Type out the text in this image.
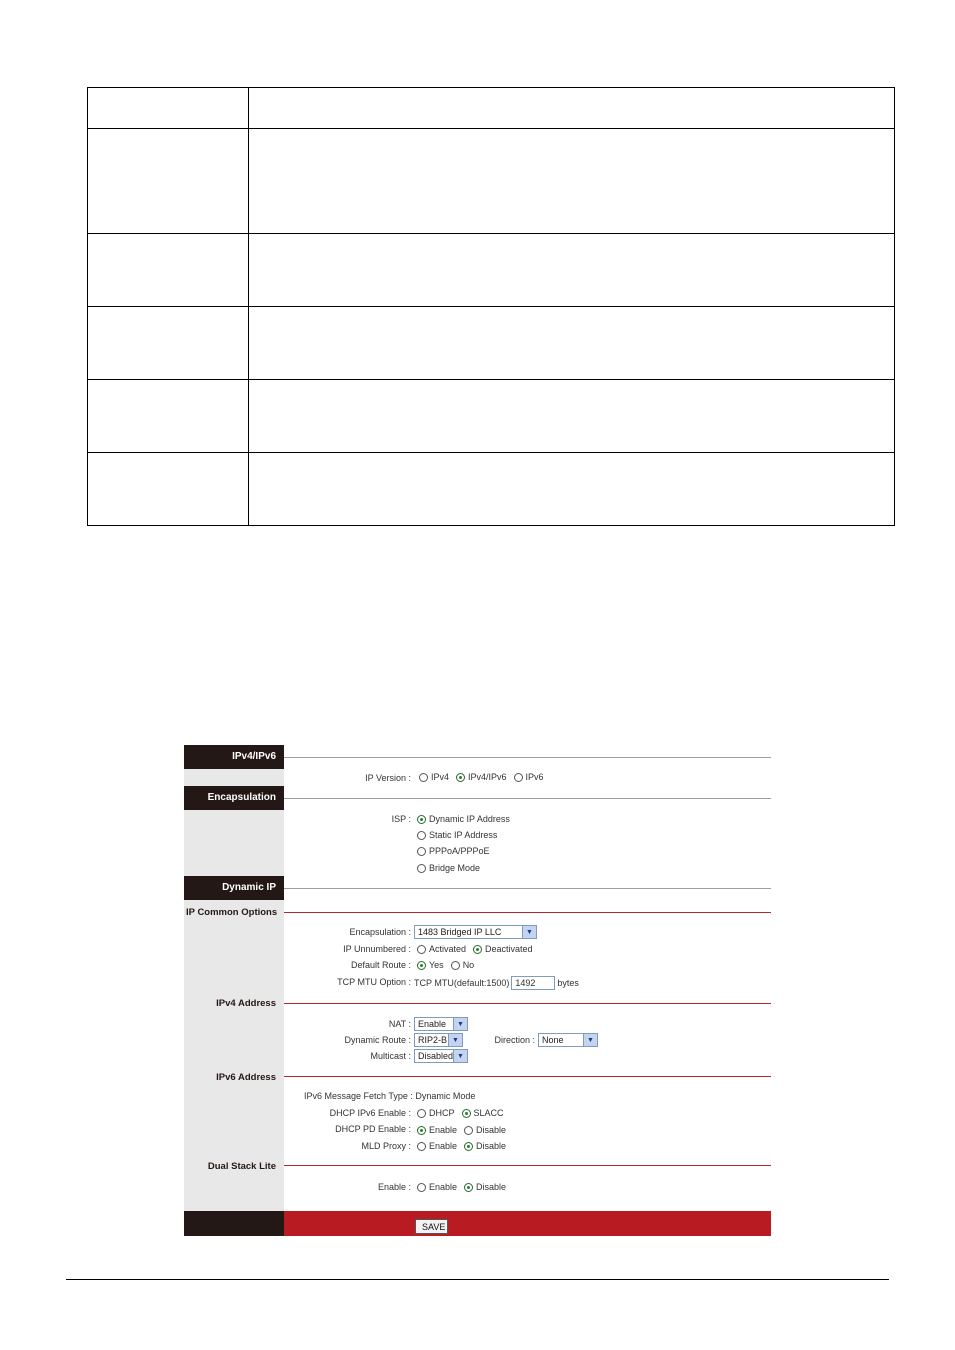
IPv4/IPv6
IP Version : IPv4 IPv4/IPv6 IPv6
Encapsulation
ISP : Dynamic IP Address
Static IP Address
PPPoA/PPPoE
Bridge Mode
Dynamic IP
IP Common Options
Encapsulation : 1483 Bridged IP LLC	▼
IP Unnumbered : Activated Deactivated
Default Route : Yes No
TCP MTU Option : TCP MTU(default:1500) 1492	bytes
IPv4 Address
NAT : Enable	▼
Dynamic Route : RIP2-B ▼	Direction : None	▼
Multicast : Disabled ▼
IPv6 Address
IPv6 Message Fetch Type : Dynamic Mode
DHCP IPv6 Enable : DHCP SLACC
DHCP PD Enable : Enable Disable
MLD Proxy : Enable Disable
Dual Stack Lite
Enable : Enable Disable
SAVE
